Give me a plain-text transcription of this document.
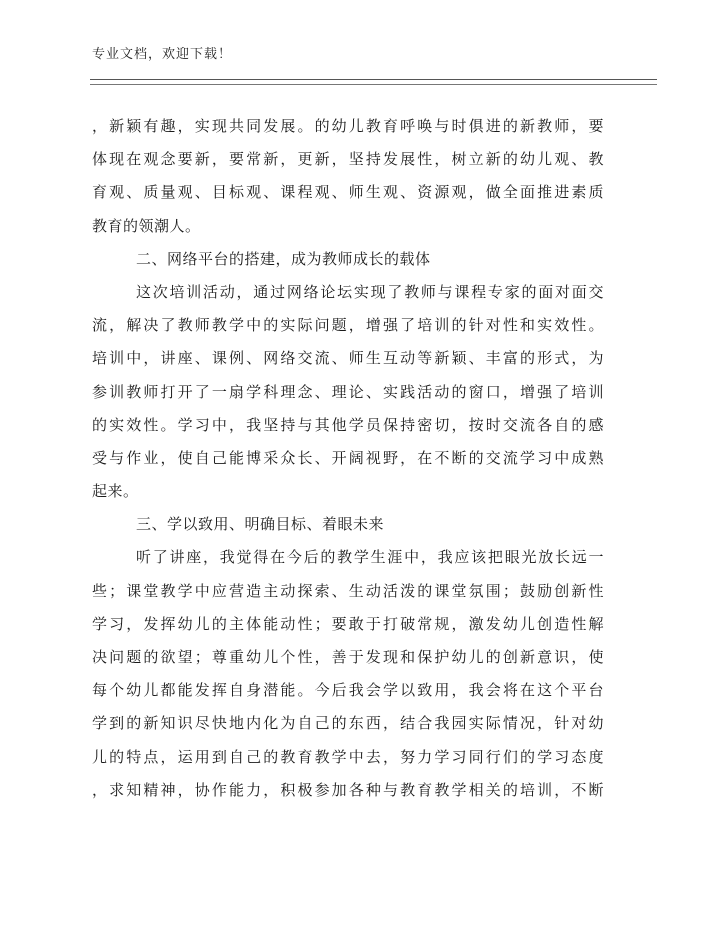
专业文档，欢迎下载！
，新颖有趣，实现共同发展。的幼儿教育呼唤与时俱进的新教师，要
体现在观念要新，要常新，更新，坚持发展性，树立新的幼儿观、教
育观、质量观、目标观、课程观、师生观、资源观，做全面推进素质
教育的领潮人。
二、网络平台的搭建，成为教师成长的载体
这次培训活动，通过网络论坛实现了教师与课程专家的面对面交
流，解决了教师教学中的实际问题，增强了培训的针对性和实效性。
培训中，讲座、课例、网络交流、师生互动等新颖、丰富的形式，为
参训教师打开了一扇学科理念、理论、实践活动的窗口，增强了培训
的实效性。学习中，我坚持与其他学员保持密切，按时交流各自的感
受与作业，使自己能博采众长、开阔视野，在不断的交流学习中成熟
起来。
三、学以致用、明确目标、着眼未来
听了讲座，我觉得在今后的教学生涯中，我应该把眼光放长远一
些；课堂教学中应营造主动探索、生动活泼的课堂氛围；鼓励创新性
学习，发挥幼儿的主体能动性；要敢于打破常规，激发幼儿创造性解
决问题的欲望；尊重幼儿个性，善于发现和保护幼儿的创新意识，使
每个幼儿都能发挥自身潜能。今后我会学以致用，我会将在这个平台
学到的新知识尽快地内化为自己的东西，结合我园实际情况，针对幼
儿的特点，运用到自己的教育教学中去，努力学习同行们的学习态度
，求知精神，协作能力，积极参加各种与教育教学相关的培训，不断
